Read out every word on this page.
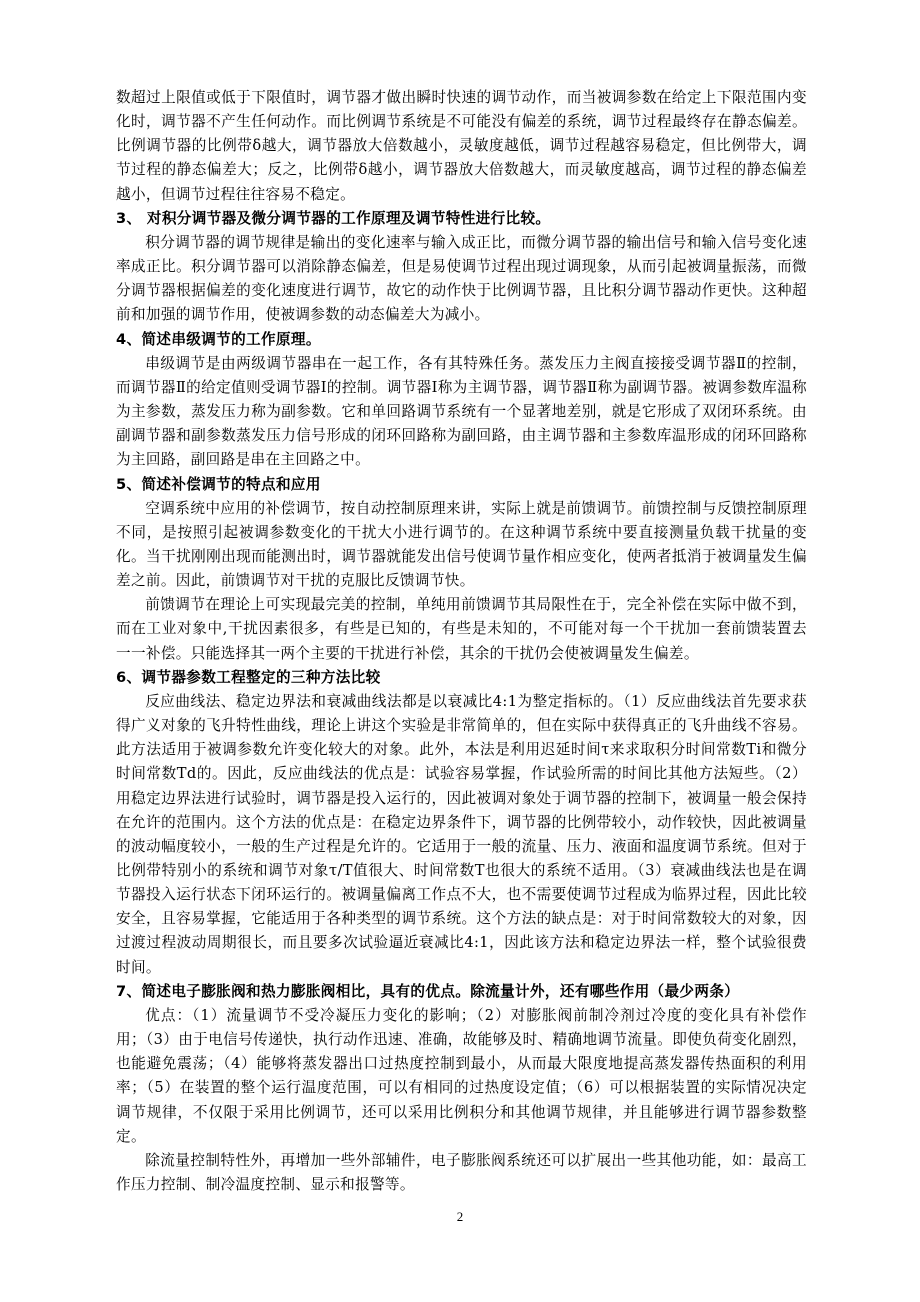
数超过上限值或低于下限值时，调节器才做出瞬时快速的调节动作，而当被调参数在给定上下限范围内变化时，调节器不产生任何动作。而比例调节系统是不可能没有偏差的系统，调节过程最终存在静态偏差。比例调节器的比例带δ越大，调节器放大倍数越小，灵敏度越低，调节过程越容易稳定，但比例带大，调节过程的静态偏差大；反之，比例带δ越小，调节器放大倍数越大，而灵敏度越高，调节过程的静态偏差越小，但调节过程往往容易不稳定。

3、 对积分调节器及微分调节器的工作原理及调节特性进行比较。

积分调节器的调节规律是输出的变化速率与输入成正比，而微分调节器的输出信号和输入信号变化速率成正比。积分调节器可以消除静态偏差，但是易使调节过程出现过调现象，从而引起被调量振荡，而微分调节器根据偏差的变化速度进行调节，故它的动作快于比例调节器，且比积分调节器动作更快。这种超前和加强的调节作用，使被调参数的动态偏差大为减小。

4、简述串级调节的工作原理。

串级调节是由两级调节器串在一起工作，各有其特殊任务。蒸发压力主阀直接接受调节器Ⅱ的控制，而调节器Ⅱ的给定值则受调节器Ⅰ的控制。调节器Ⅰ称为主调节器，调节器Ⅱ称为副调节器。被调参数库温称为主参数，蒸发压力称为副参数。它和单回路调节系统有一个显著地差别，就是它形成了双闭环系统。由副调节器和副参数蒸发压力信号形成的闭环回路称为副回路，由主调节器和主参数库温形成的闭环回路称为主回路，副回路是串在主回路之中。

5、简述补偿调节的特点和应用

空调系统中应用的补偿调节，按自动控制原理来讲，实际上就是前馈调节。前馈控制与反馈控制原理不同，是按照引起被调参数变化的干扰大小进行调节的。在这种调节系统中要直接测量负载干扰量的变化。当干扰刚刚出现而能测出时，调节器就能发出信号使调节量作相应变化，使两者抵消于被调量发生偏差之前。因此，前馈调节对干扰的克服比反馈调节快。

前馈调节在理论上可实现最完美的控制，单纯用前馈调节其局限性在于，完全补偿在实际中做不到，而在工业对象中,干扰因素很多，有些是已知的，有些是未知的，不可能对每一个干扰加一套前馈装置去一一补偿。只能选择其一两个主要的干扰进行补偿，其余的干扰仍会使被调量发生偏差。

6、调节器参数工程整定的三种方法比较

反应曲线法、稳定边界法和衰减曲线法都是以衰减比4:1为整定指标的。（1）反应曲线法首先要求获得广义对象的飞升特性曲线，理论上讲这个实验是非常简单的，但在实际中获得真正的飞升曲线不容易。此方法适用于被调参数允许变化较大的对象。此外，本法是利用迟延时间τ来求取积分时间常数Ti和微分时间常数Td的。因此，反应曲线法的优点是：试验容易掌握，作试验所需的时间比其他方法短些。（2）用稳定边界法进行试验时，调节器是投入运行的，因此被调对象处于调节器的控制下，被调量一般会保持在允许的范围内。这个方法的优点是：在稳定边界条件下，调节器的比例带较小，动作较快，因此被调量的波动幅度较小，一般的生产过程是允许的。它适用于一般的流量、压力、液面和温度调节系统。但对于比例带特别小的系统和调节对象τ/T值很大、时间常数T也很大的系统不适用。（3）衰减曲线法也是在调节器投入运行状态下闭环运行的。被调量偏离工作点不大，也不需要使调节过程成为临界过程，因此比较安全，且容易掌握，它能适用于各种类型的调节系统。这个方法的缺点是：对于时间常数较大的对象，因过渡过程波动周期很长，而且要多次试验逼近衰减比4:1，因此该方法和稳定边界法一样，整个试验很费时间。

7、简述电子膨胀阀和热力膨胀阀相比，具有的优点。除流量计外，还有哪些作用（最少两条）

优点：（1）流量调节不受冷凝压力变化的影响；（2）对膨胀阀前制冷剂过冷度的变化具有补偿作用；（3）由于电信号传递快，执行动作迅速、准确，故能够及时、精确地调节流量。即使负荷变化剧烈，也能避免震荡；（4）能够将蒸发器出口过热度控制到最小，从而最大限度地提高蒸发器传热面积的利用率；（5）在装置的整个运行温度范围，可以有相同的过热度设定值；（6）可以根据装置的实际情况决定调节规律，不仅限于采用比例调节，还可以采用比例积分和其他调节规律，并且能够进行调节器参数整定。

除流量控制特性外，再增加一些外部辅件，电子膨胀阀系统还可以扩展出一些其他功能，如：最高工作压力控制、制冷温度控制、显示和报警等。

2
